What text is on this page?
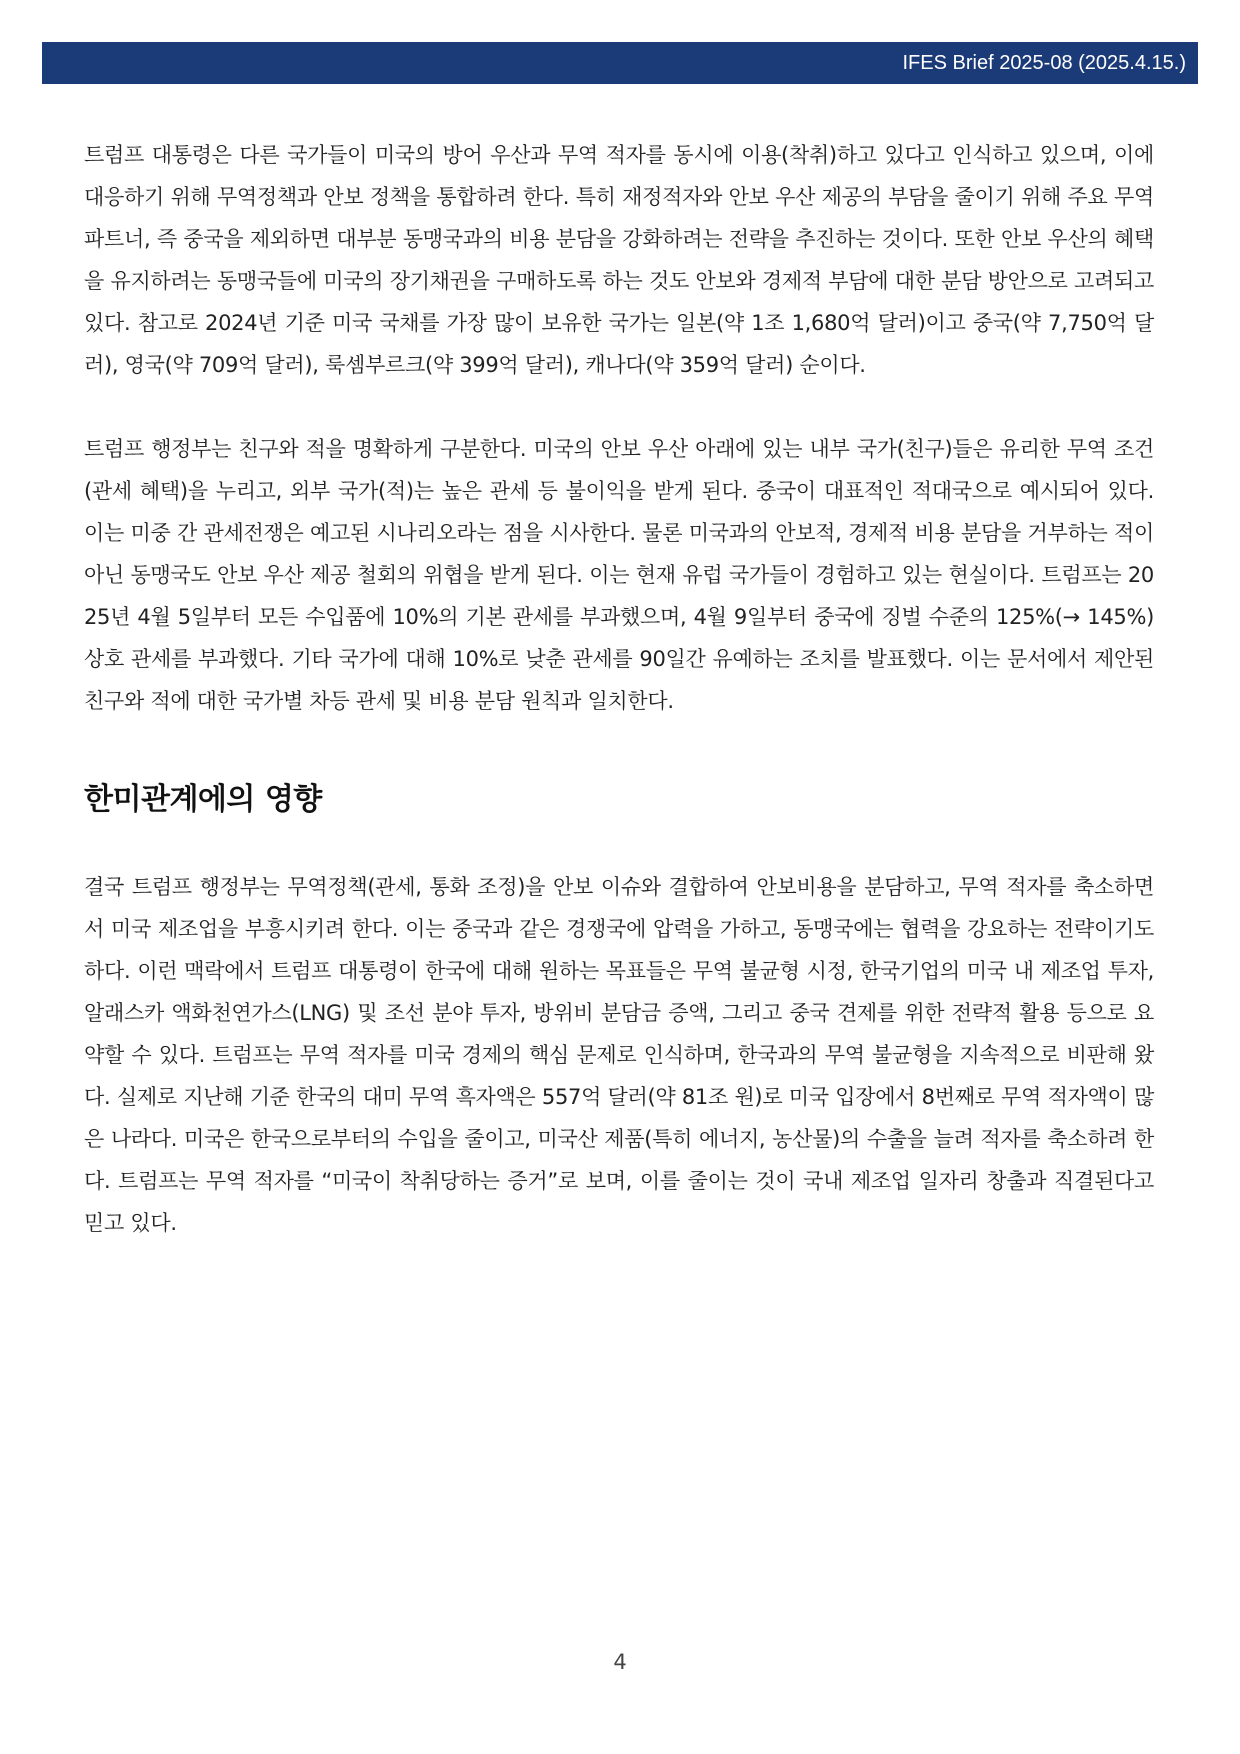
IFES Brief 2025-08 (2025.4.15.)

트럼프 대통령은 다른 국가들이 미국의 방어 우산과 무역 적자를 동시에 이용(착취)하고 있다고 인식하고 있으며, 이에 대응하기 위해 무역정책과 안보 정책을 통합하려 한다. 특히 재정적자와 안보 우산 제공의 부담을 줄이기 위해 주요 무역 파트너, 즉 중국을 제외하면 대부분 동맹국과의 비용 분담을 강화하려는 전략을 추진하는 것이다. 또한 안보 우산의 혜택을 유지하려는 동맹국들에 미국의 장기채권을 구매하도록 하는 것도 안보와 경제적 부담에 대한 분담 방안으로 고려되고 있다. 참고로 2024년 기준 미국 국채를 가장 많이 보유한 국가는 일본(약 1조 1,680억 달러)이고 중국(약 7,750억 달러), 영국(약 709억 달러), 룩셈부르크(약 399억 달러), 캐나다(약 359억 달러) 순이다.

트럼프 행정부는 친구와 적을 명확하게 구분한다. 미국의 안보 우산 아래에 있는 내부 국가(친구)들은 유리한 무역 조건(관세 혜택)을 누리고, 외부 국가(적)는 높은 관세 등 불이익을 받게 된다. 중국이 대표적인 적대국으로 예시되어 있다. 이는 미중 간 관세전쟁은 예고된 시나리오라는 점을 시사한다. 물론 미국과의 안보적, 경제적 비용 분담을 거부하는 적이 아닌 동맹국도 안보 우산 제공 철회의 위협을 받게 된다. 이는 현재 유럽 국가들이 경험하고 있는 현실이다. 트럼프는 2025년 4월 5일부터 모든 수입품에 10%의 기본 관세를 부과했으며, 4월 9일부터 중국에 징벌 수준의 125%(→ 145%) 상호 관세를 부과했다. 기타 국가에 대해 10%로 낮춘 관세를 90일간 유예하는 조치를 발표했다. 이는 문서에서 제안된 친구와 적에 대한 국가별 차등 관세 및 비용 분담 원칙과 일치한다.

한미관계에의 영향

결국 트럼프 행정부는 무역정책(관세, 통화 조정)을 안보 이슈와 결합하여 안보비용을 분담하고, 무역 적자를 축소하면서 미국 제조업을 부흥시키려 한다. 이는 중국과 같은 경쟁국에 압력을 가하고, 동맹국에는 협력을 강요하는 전략이기도 하다. 이런 맥락에서 트럼프 대통령이 한국에 대해 원하는 목표들은 무역 불균형 시정, 한국기업의 미국 내 제조업 투자, 알래스카 액화천연가스(LNG) 및 조선 분야 투자, 방위비 분담금 증액, 그리고 중국 견제를 위한 전략적 활용 등으로 요약할 수 있다. 트럼프는 무역 적자를 미국 경제의 핵심 문제로 인식하며, 한국과의 무역 불균형을 지속적으로 비판해 왔다. 실제로 지난해 기준 한국의 대미 무역 흑자액은 557억 달러(약 81조 원)로 미국 입장에서 8번째로 무역 적자액이 많은 나라다. 미국은 한국으로부터의 수입을 줄이고, 미국산 제품(특히 에너지, 농산물)의 수출을 늘려 적자를 축소하려 한다. 트럼프는 무역 적자를 “미국이 착취당하는 증거”로 보며, 이를 줄이는 것이 국내 제조업 일자리 창출과 직결된다고 믿고 있다.

4
